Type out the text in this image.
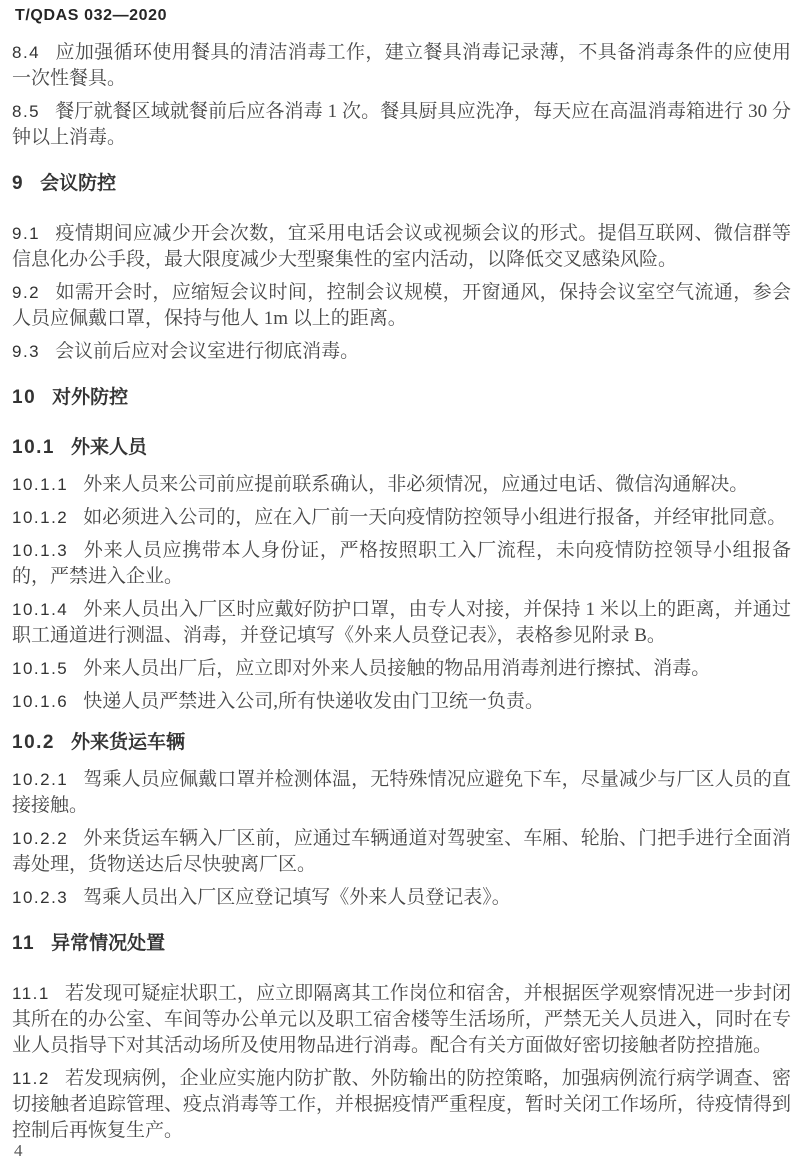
T/QDAS 032—2020

8.4 应加强循环使用餐具的清洁消毒工作，建立餐具消毒记录薄，不具备消毒条件的应使用一次性餐具。

8.5 餐厅就餐区域就餐前后应各消毒 1 次。餐具厨具应洗净，每天应在高温消毒箱进行 30 分钟以上消毒。

9 会议防控

9.1 疫情期间应减少开会次数，宜采用电话会议或视频会议的形式。提倡互联网、微信群等信息化办公手段，最大限度减少大型聚集性的室内活动，以降低交叉感染风险。

9.2 如需开会时，应缩短会议时间，控制会议规模，开窗通风，保持会议室空气流通，参会人员应佩戴口罩，保持与他人 1m 以上的距离。

9.3 会议前后应对会议室进行彻底消毒。

10 对外防控
10.1 外来人员

10.1.1 外来人员来公司前应提前联系确认，非必须情况，应通过电话、微信沟通解决。

10.1.2 如必须进入公司的，应在入厂前一天向疫情防控领导小组进行报备，并经审批同意。

10.1.3 外来人员应携带本人身份证，严格按照职工入厂流程，未向疫情防控领导小组报备的，严禁进入企业。

10.1.4 外来人员出入厂区时应戴好防护口罩，由专人对接，并保持 1 米以上的距离，并通过职工通道进行测温、消毒，并登记填写《外来人员登记表》，表格参见附录 B。

10.1.5 外来人员出厂后，应立即对外来人员接触的物品用消毒剂进行擦拭、消毒。

10.1.6 快递人员严禁进入公司,所有快递收发由门卫统一负责。

10.2 外来货运车辆

10.2.1 驾乘人员应佩戴口罩并检测体温，无特殊情况应避免下车，尽量减少与厂区人员的直接接触。

10.2.2 外来货运车辆入厂区前，应通过车辆通道对驾驶室、车厢、轮胎、门把手进行全面消毒处理，货物送达后尽快驶离厂区。

10.2.3 驾乘人员出入厂区应登记填写《外来人员登记表》。

11 异常情况处置

11.1 若发现可疑症状职工，应立即隔离其工作岗位和宿舍，并根据医学观察情况进一步封闭其所在的办公室、车间等办公单元以及职工宿舍楼等生活场所，严禁无关人员进入，同时在专业人员指导下对其活动场所及使用物品进行消毒。配合有关方面做好密切接触者防控措施。

11.2 若发现病例，企业应实施内防扩散、外防输出的防控策略，加强病例流行病学调查、密切接触者追踪管理、疫点消毒等工作，并根据疫情严重程度，暂时关闭工作场所，待疫情得到控制后再恢复生产。

4
